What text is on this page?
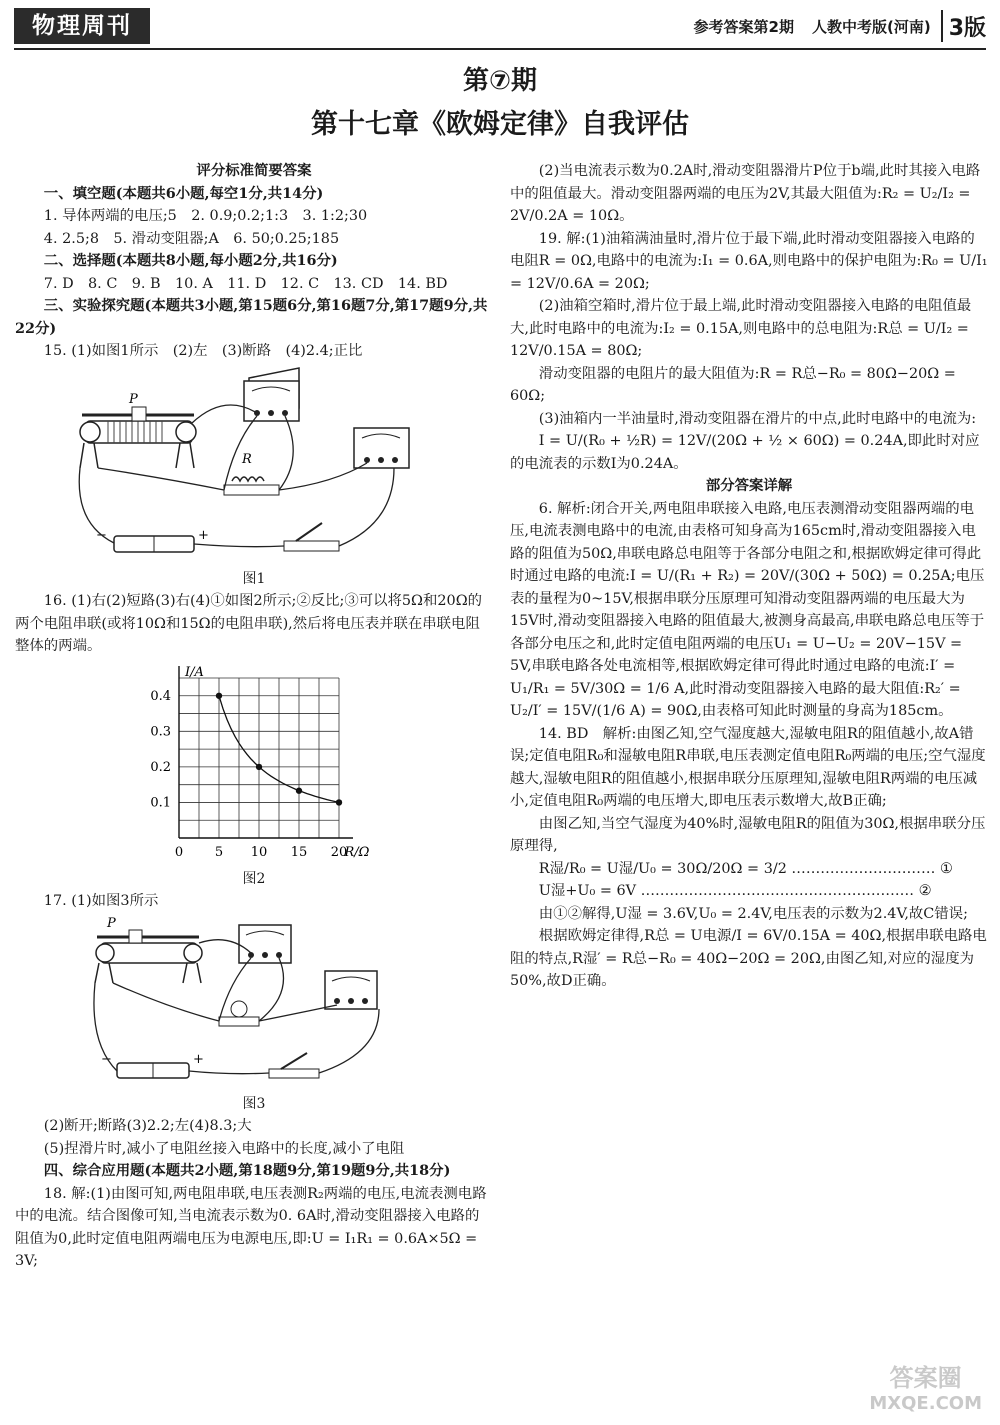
物理周刊	参考答案第2期 人教中考版(河南) 3版
第⑦期
第十七章《欧姆定律》自我评估

评分标准简要答案

一、填空题(本题共6小题,每空1分,共14分)

1. 导体两端的电压;5　2. 0.9;0.2;1:3　3. 1:2;30

4. 2.5;8　5. 滑动变阻器;A　6. 50;0.25;185

二、选择题(本题共8小题,每小题2分,共16分)

7. D　8. C　9. B　10. A　11. D　12. C　13. CD　14. BD

三、实验探究题(本题共3小题,第15题6分,第16题7分,第17题9分,共22分)

15. (1)如图1所示　(2)左　(3)断路　(4)2.4;正比

P
R
−	+

图1

16. (1)右(2)短路(3)右(4)①如图2所示;②反比;③可以将5Ω和20Ω的两个电阻串联(或将10Ω和15Ω的电阻串联),然后将电压表并联在串联电阻整体的两端。

0 5 10 15 20
0.1
0.2
0.3
0.4
R/Ω
I/A

图2

17. (1)如图3所示

P
−	+

图3

(2)断开;断路(3)2.2;左(4)8.3;大

(5)捏滑片时,减小了电阻丝接入电路中的长度,减小了电阻

四、综合应用题(本题共2小题,第18题9分,第19题9分,共18分)

18. 解:(1)由图可知,两电阻串联,电压表测R₂两端的电压,电流表测电路中的电流。结合图像可知,当电流表示数为0. 6A时,滑动变阻器接入电路的阻值为0,此时定值电阻两端电压为电源电压,即:U = I₁R₁ = 0.6A×5Ω = 3V;

(2)当电流表示数为0.2A时,滑动变阻器滑片P位于b端,此时其接入电路中的阻值最大。滑动变阻器两端的电压为2V,其最大阻值为:R₂ = U₂/I₂ = 2V/0.2A = 10Ω。

19. 解:(1)油箱满油量时,滑片位于最下端,此时滑动变阻器接入电路的电阻R = 0Ω,电路中的电流为:I₁ = 0.6A,则电路中的保护电阻为:R₀ = U/I₁ = 12V/0.6A = 20Ω;

(2)油箱空箱时,滑片位于最上端,此时滑动变阻器接入电路的电阻值最大,此时电路中的电流为:I₂ = 0.15A,则电路中的总电阻为:R总 = U/I₂ = 12V/0.15A = 80Ω;

滑动变阻器的电阻片的最大阻值为:R = R总−R₀ = 80Ω−20Ω = 60Ω;

(3)油箱内一半油量时,滑动变阻器在滑片的中点,此时电路中的电流为:

I = U/(R₀ + ½R) = 12V/(20Ω + ½ × 60Ω) = 0.24A,即此时对应的电流表的示数I为0.24A。

部分答案详解

6. 解析:闭合开关,两电阻串联接入电路,电压表测滑动变阻器两端的电压,电流表测电路中的电流,由表格可知身高为165cm时,滑动变阻器接入电路的阻值为50Ω,串联电路总电阻等于各部分电阻之和,根据欧姆定律可得此时通过电路的电流:I = U/(R₁ + R₂) = 20V/(30Ω + 50Ω) = 0.25A;电压表的量程为0~15V,根据串联分压原理可知滑动变阻器两端的电压最大为15V时,滑动变阻器接入电路的阻值最大,被测身高最高,串联电路总电压等于各部分电压之和,此时定值电阻两端的电压U₁ = U−U₂ = 20V−15V = 5V,串联电路各处电流相等,根据欧姆定律可得此时通过电路的电流:I′ = U₁/R₁ = 5V/30Ω = 1/6 A,此时滑动变阻器接入电路的最大阻值:R₂′ = U₂/I′ = 15V/(1/6 A) = 90Ω,由表格可知此时测量的身高为185cm。

14. BD　解析:由图乙知,空气湿度越大,湿敏电阻R的阻值越小,故A错误;定值电阻R₀和湿敏电阻R串联,电压表测定值电阻R₀两端的电压;空气湿度越大,湿敏电阻R的阻值越小,根据串联分压原理知,湿敏电阻R两端的电压减小,定值电阻R₀两端的电压增大,即电压表示数增大,故B正确;

由图乙知,当空气湿度为40%时,湿敏电阻R的阻值为30Ω,根据串联分压原理得,

R湿/R₀ = U湿/U₀ = 30Ω/20Ω = 3/2 ………………………… ①

U湿+U₀ = 6V ………………………………………………… ②

由①②解得,U湿 = 3.6V,U₀ = 2.4V,电压表的示数为2.4V,故C错误;

根据欧姆定律得,R总 = U电源/I = 6V/0.15A = 40Ω,根据串联电路电阻的特点,R湿′ = R总−R₀ = 40Ω−20Ω = 20Ω,由图乙知,对应的湿度为50%,故D正确。

答案圈
MXQE.COM
